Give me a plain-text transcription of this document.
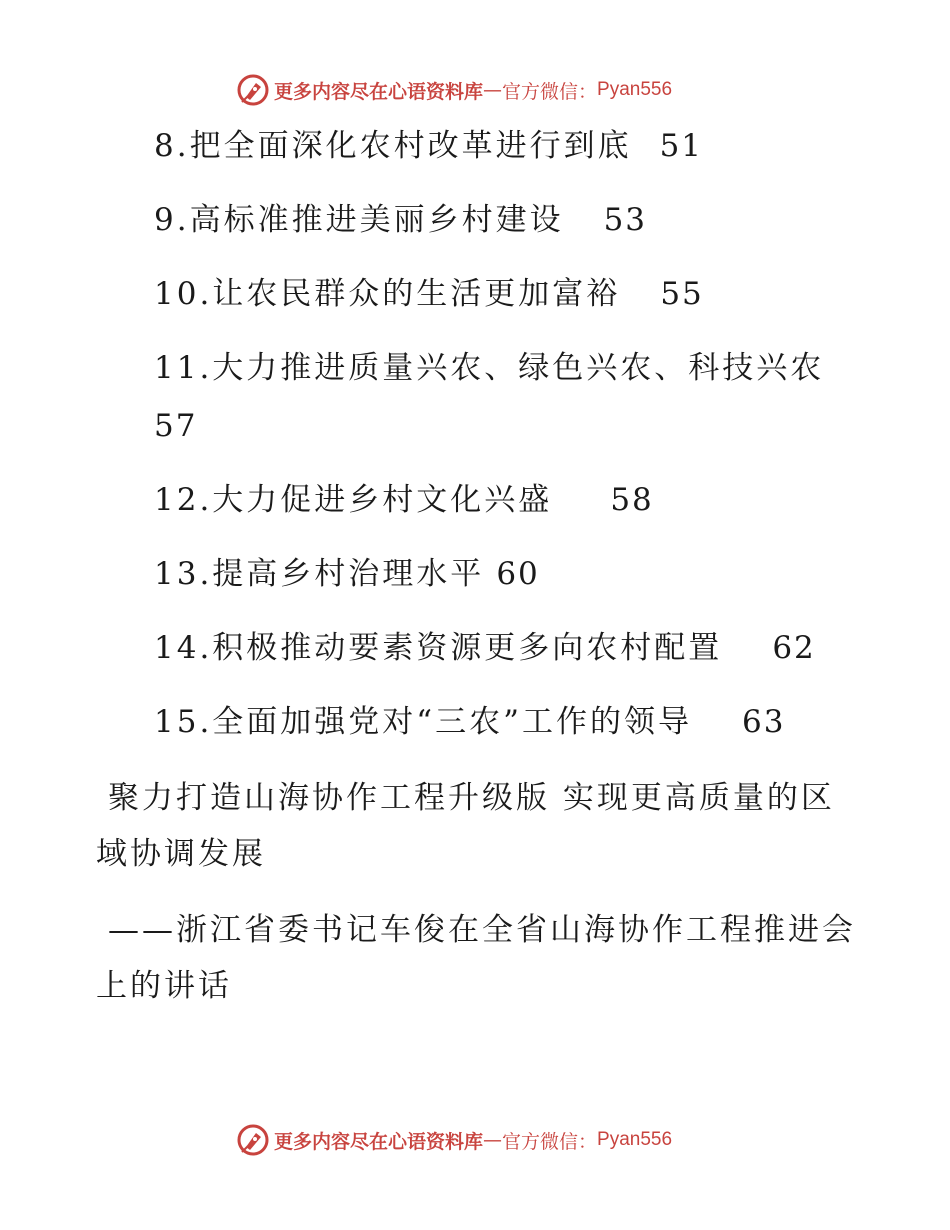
更多内容尽在心语资料库 — 官方微信： Pyan556
8.把全面深化农村改革进行到底 51
9.高标准推进美丽乡村建设 53
10.让农民群众的生活更加富裕 55
11.大力推进质量兴农、绿色兴农、科技兴农
57
12.大力促进乡村文化兴盛 58
13.提高乡村治理水平 60
14.积极推动要素资源更多向农村配置 62
15.全面加强党对“三农”工作的领导 63
聚力打造山海协作工程升级版 实现更高质量的区域协调发展
——浙江省委书记车俊在全省山海协作工程推进会上的讲话
更多内容尽在心语资料库 — 官方微信： Pyan556
